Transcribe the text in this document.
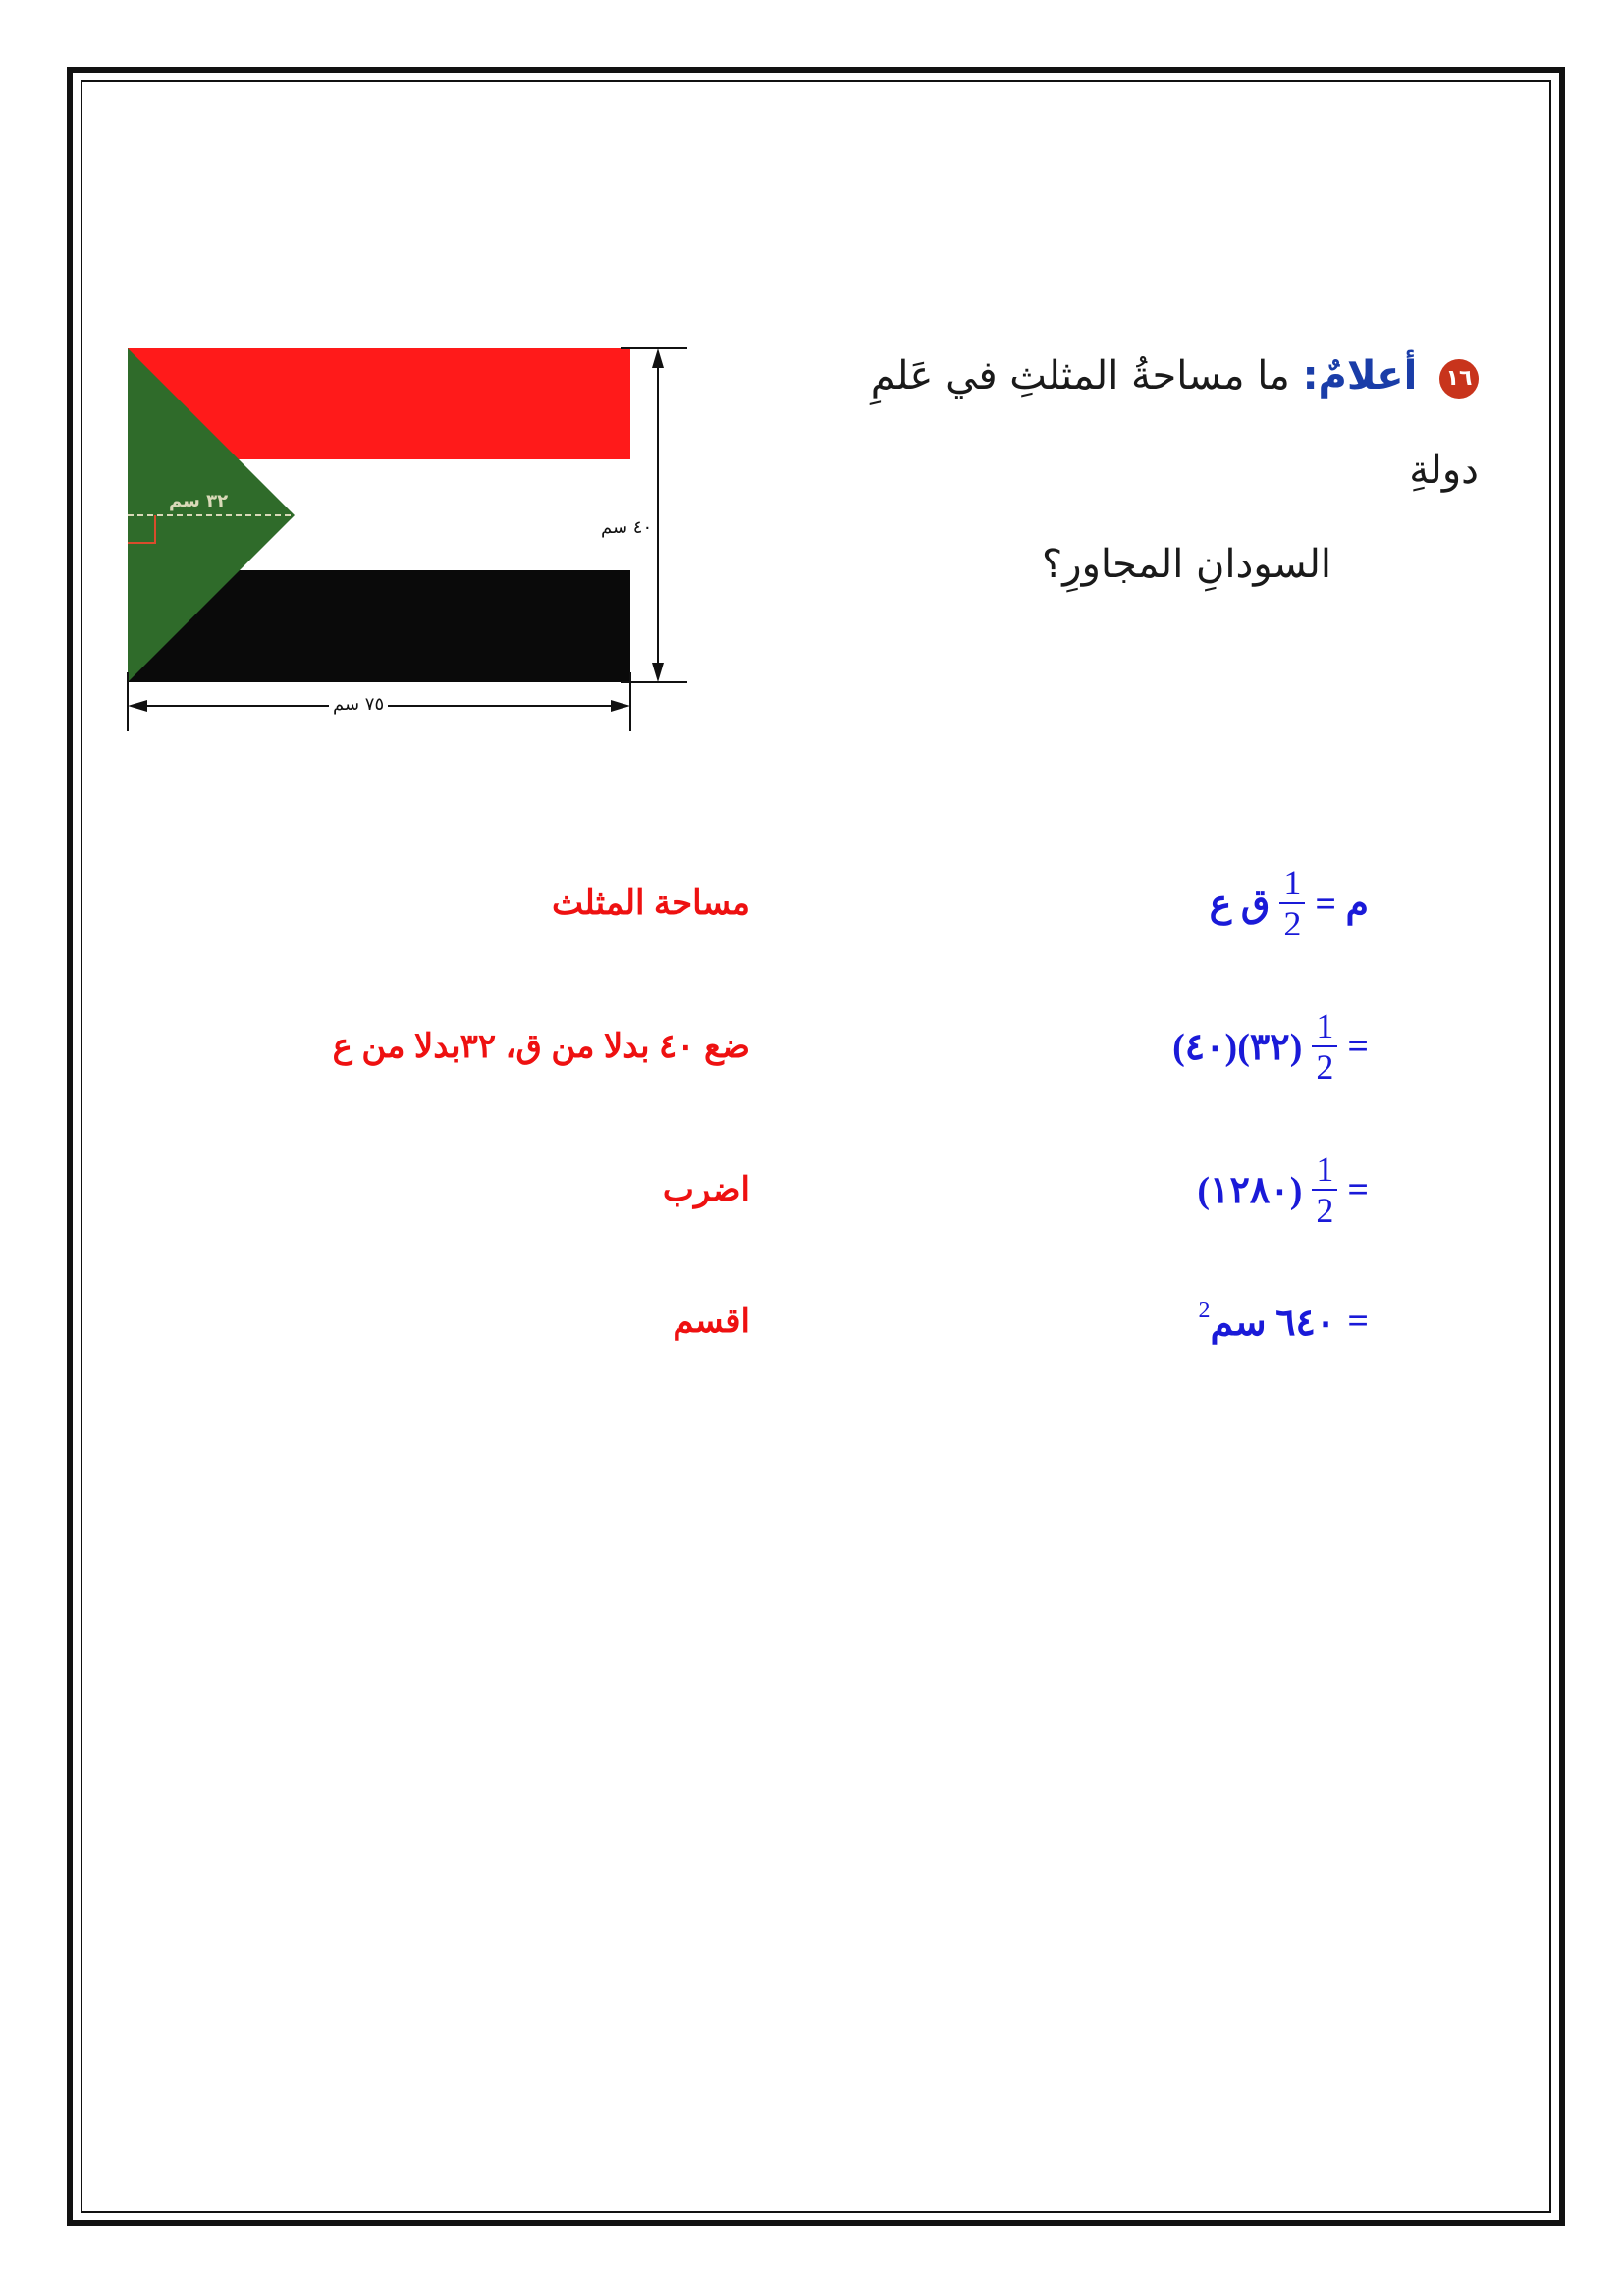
١٦ أعلامٌ: ما مساحةُ المثلثِ في عَلمِ دولةِ
السودانِ المجاورِ؟
٧٥ سم
٤٠ سم
٣٢ سم
ق ع $\frac{1}{2}$ م =
مساحة المثلث
(٤٠)(٣٢) $\frac{1}{2}$ =
ضع ٤٠ بدلا من ق، ٣٢بدلا من ع
(١٢٨٠) $\frac{1}{2}$ =
اضرب
٦٤٠ سم$^2$	=
اقسم
